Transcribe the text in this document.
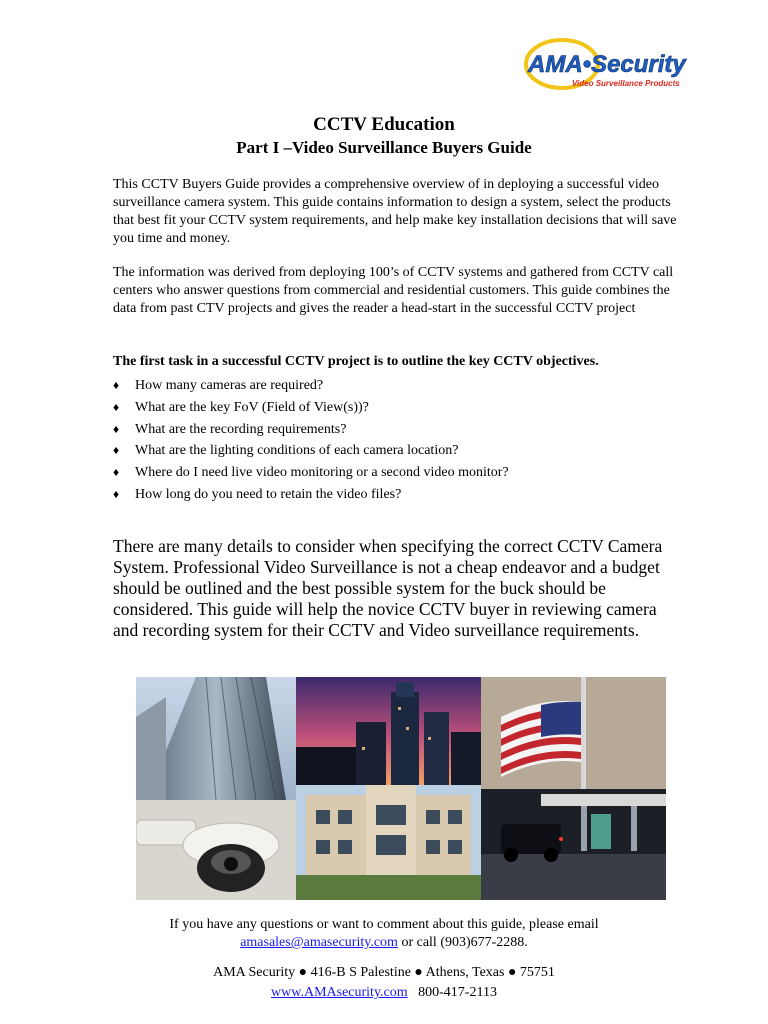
AMA•Security
Video Surveillance Products
CCTV Education
Part I –Video Surveillance Buyers Guide

This CCTV Buyers Guide provides a comprehensive overview of in deploying a successful video surveillance camera system. This guide contains information to design a system, select the products that best fit your CCTV system requirements, and help make key installation decisions that will save you time and money.

The information was derived from deploying 100’s of CCTV systems and gathered from CCTV call centers who answer questions from commercial and residential customers. This guide combines the data from past CTV projects and gives the reader a head-start in the successful CCTV project

The first task in a successful CCTV project is to outline the key CCTV objectives.

♦ How many cameras are required?
♦ What are the key FoV (Field of View(s))?
♦ What are the recording requirements?
♦ What are the lighting conditions of each camera location?
♦ Where do I need live video monitoring or a second video monitor?
♦ How long do you need to retain the video files?

There are many details to consider when specifying the correct CCTV Camera System. Professional Video Surveillance is not a cheap endeavor and a budget should be outlined and the best possible system for the buck should be considered. This guide will help the novice CCTV buyer in reviewing camera and recording system for their CCTV and Video surveillance requirements.

If you have any questions or want to comment about this guide, please email
amasales@amasecurity.com or call (903)677-2288.
AMA Security ● 416-B S Palestine ● Athens, Texas ● 75751
www.AMAsecurity.com 800-417-2113
